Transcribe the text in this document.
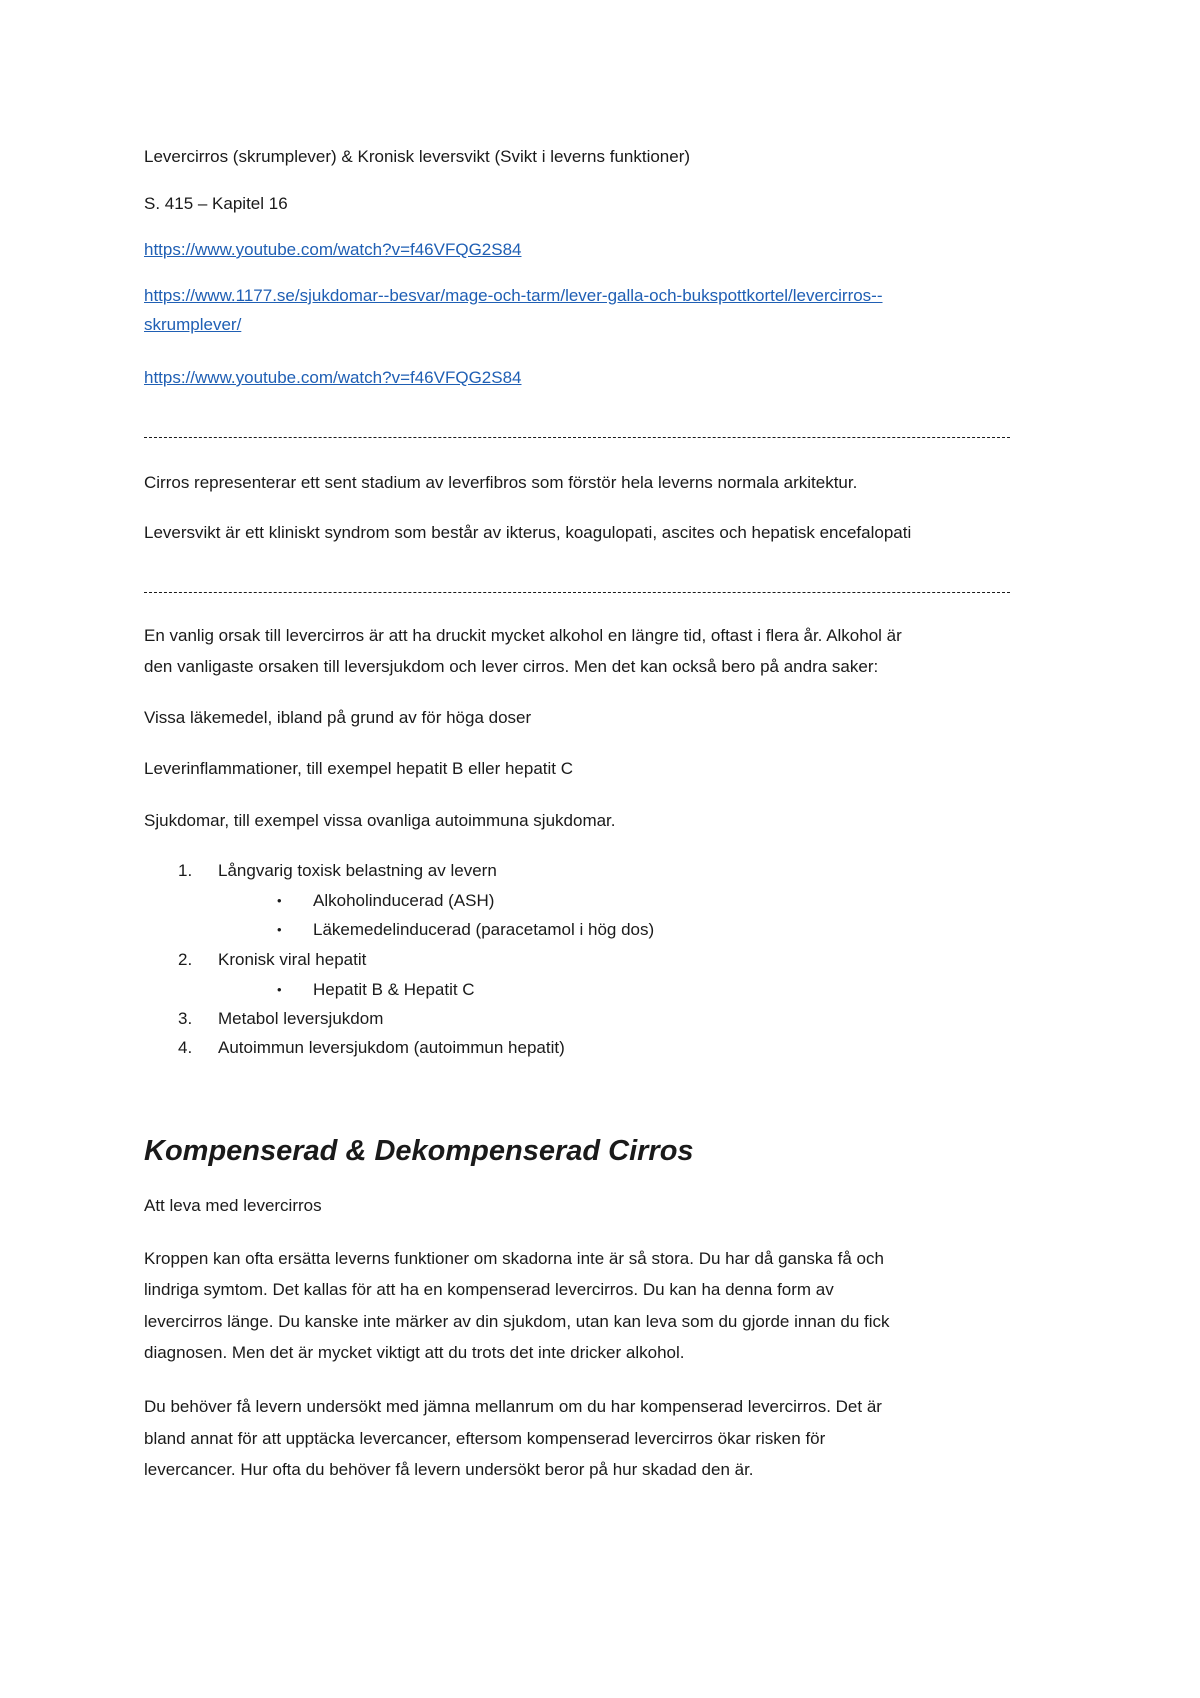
Levercirros (skrumplever) & Kronisk leversvikt (Svikt i leverns funktioner)
S. 415 – Kapitel 16
https://www.youtube.com/watch?v=f46VFQG2S84
https://www.1177.se/sjukdomar--besvar/mage-och-tarm/lever-galla-och-bukspottkortel/levercirros--
skrumplever/
https://www.youtube.com/watch?v=f46VFQG2S84
Cirros representerar ett sent stadium av leverfibros som förstör hela leverns normala arkitektur.
Leversvikt är ett kliniskt syndrom som består av ikterus, koagulopati, ascites och hepatisk encefalopati
En vanlig orsak till levercirros är att ha druckit mycket alkohol en längre tid, oftast i flera år. Alkohol är
den vanligaste orsaken till leversjukdom och lever cirros. Men det kan också bero på andra saker:
Vissa läkemedel, ibland på grund av för höga doser
Leverinflammationer, till exempel hepatit B eller hepatit C
Sjukdomar, till exempel vissa ovanliga autoimmuna sjukdomar.
1. Långvarig toxisk belastning av levern
• Alkoholinducerad (ASH)
• Läkemedelinducerad (paracetamol i hög dos)
2. Kronisk viral hepatit
• Hepatit B & Hepatit C
3. Metabol leversjukdom
4. Autoimmun leversjukdom (autoimmun hepatit)
Kompenserad & Dekompenserad Cirros
Att leva med levercirros
Kroppen kan ofta ersätta leverns funktioner om skadorna inte är så stora. Du har då ganska få och
lindriga symtom. Det kallas för att ha en kompenserad levercirros. Du kan ha denna form av
levercirros länge. Du kanske inte märker av din sjukdom, utan kan leva som du gjorde innan du fick
diagnosen. Men det är mycket viktigt att du trots det inte dricker alkohol.
Du behöver få levern undersökt med jämna mellanrum om du har kompenserad levercirros. Det är
bland annat för att upptäcka levercancer, eftersom kompenserad levercirros ökar risken för
levercancer. Hur ofta du behöver få levern undersökt beror på hur skadad den är.
